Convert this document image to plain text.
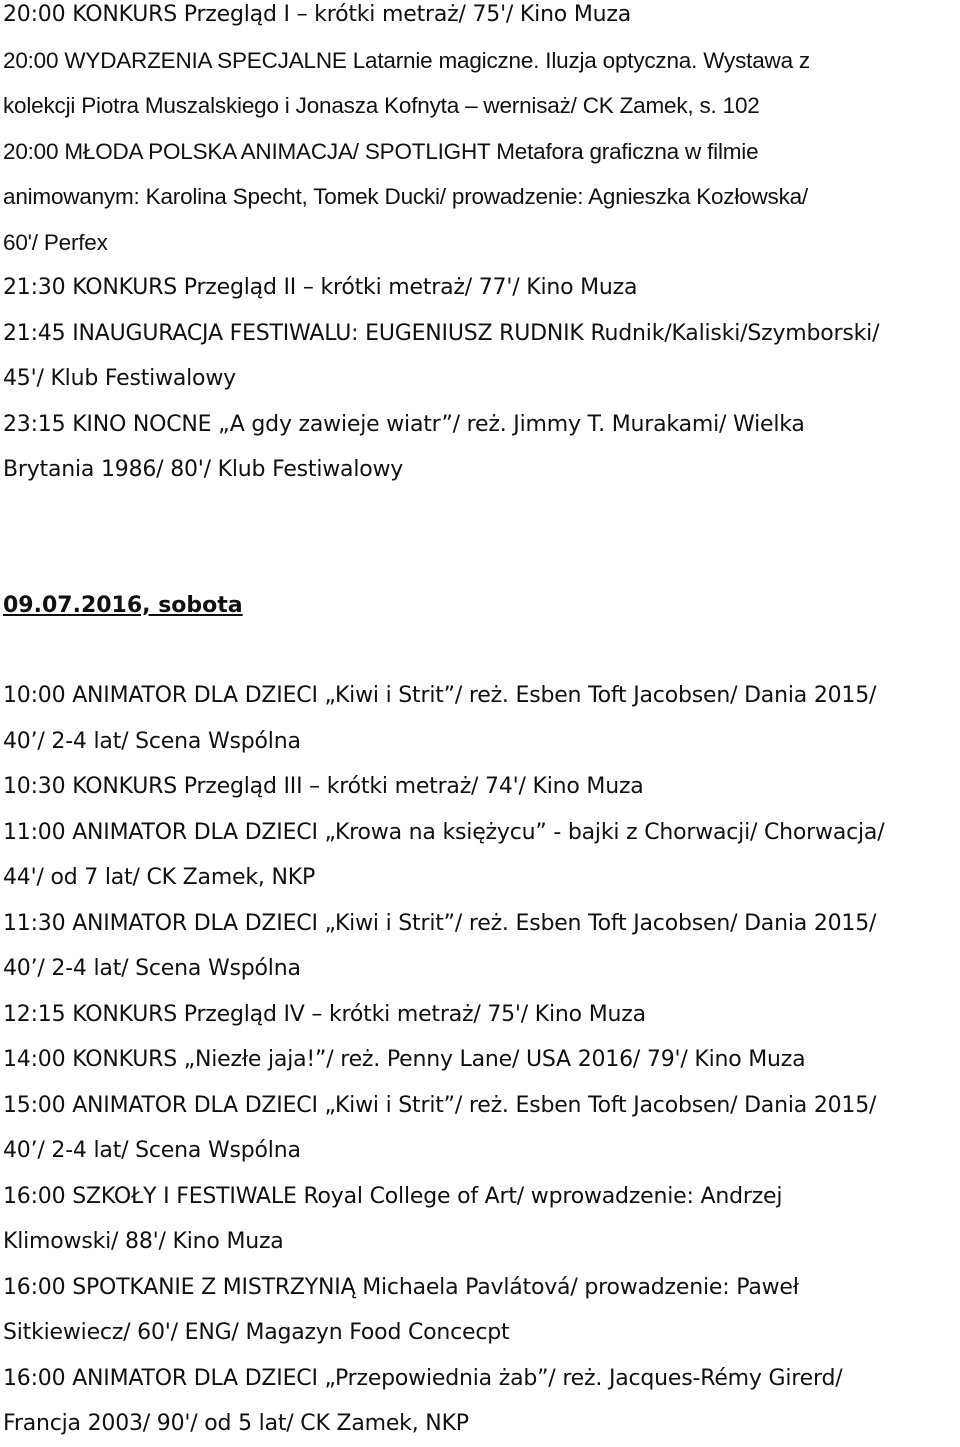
20:00 KONKURS Przegląd I – krótki metraż/ 75'/ Kino Muza

20:00 WYDARZENIA SPECJALNE Latarnie magiczne. Iluzja optyczna. Wystawa z

kolekcji Piotra Muszalskiego i Jonasza Kofnyta – wernisaż/ CK Zamek, s. 102

20:00 MŁODA POLSKA ANIMACJA/ SPOTLIGHT Metafora graficzna w filmie

animowanym: Karolina Specht, Tomek Ducki/ prowadzenie: Agnieszka Kozłowska/

60'/ Perfex

21:30 KONKURS Przegląd II – krótki metraż/ 77'/ Kino Muza

21:45 INAUGURACJA FESTIWALU: EUGENIUSZ RUDNIK Rudnik/Kaliski/Szymborski/

45'/ Klub Festiwalowy

23:15 KINO NOCNE „A gdy zawieje wiatr”/ reż. Jimmy T. Murakami/ Wielka

Brytania 1986/ 80'/ Klub Festiwalowy

09.07.2016, sobota

10:00 ANIMATOR DLA DZIECI „Kiwi i Strit”/ reż. Esben Toft Jacobsen/ Dania 2015/

40’/ 2-4 lat/ Scena Wspólna

10:30 KONKURS Przegląd III – krótki metraż/ 74'/ Kino Muza

11:00 ANIMATOR DLA DZIECI „Krowa na księżycu” - bajki z Chorwacji/ Chorwacja/

44'/ od 7 lat/ CK Zamek, NKP

11:30 ANIMATOR DLA DZIECI „Kiwi i Strit”/ reż. Esben Toft Jacobsen/ Dania 2015/

40’/ 2-4 lat/ Scena Wspólna

12:15 KONKURS Przegląd IV – krótki metraż/ 75'/ Kino Muza

14:00 KONKURS „Niezłe jaja!”/ reż. Penny Lane/ USA 2016/ 79'/ Kino Muza

15:00 ANIMATOR DLA DZIECI „Kiwi i Strit”/ reż. Esben Toft Jacobsen/ Dania 2015/

40’/ 2-4 lat/ Scena Wspólna

16:00 SZKOŁY I FESTIWALE Royal College of Art/ wprowadzenie: Andrzej

Klimowski/ 88'/ Kino Muza

16:00 SPOTKANIE Z MISTRZYNIĄ Michaela Pavlátová/ prowadzenie: Paweł

Sitkiewiecz/ 60'/ ENG/ Magazyn Food Concecpt

16:00 ANIMATOR DLA DZIECI „Przepowiednia żab”/ reż. Jacques-Rémy Girerd/

Francja 2003/ 90'/ od 5 lat/ CK Zamek, NKP
